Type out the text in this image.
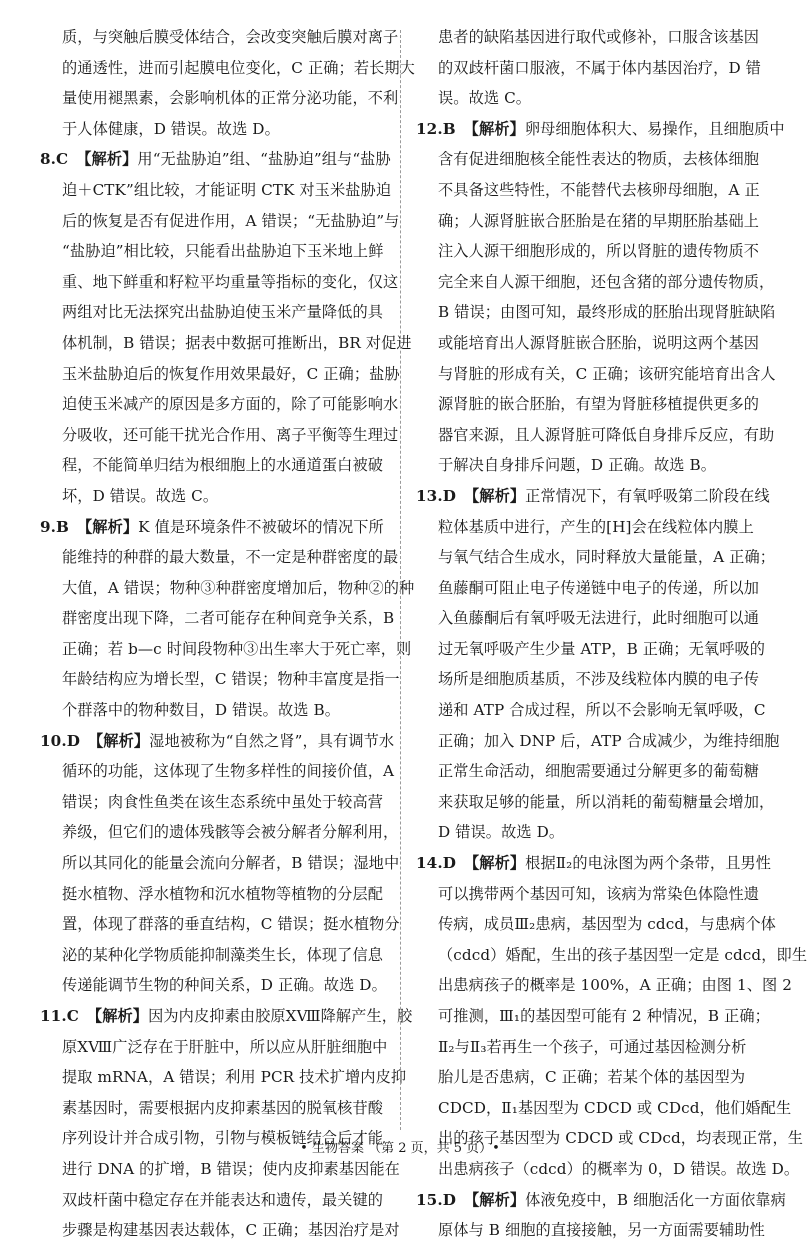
质，与突触后膜受体结合，会改变突触后膜对离子
的通透性，进而引起膜电位变化，C 正确；若长期大
量使用褪黑素，会影响机体的正常分泌功能，不利
于人体健康，D 错误。故选 D。
8.C 【解析】用“无盐胁迫”组、“盐胁迫”组与“盐胁
迫＋CTK”组比较，才能证明 CTK 对玉米盐胁迫
后的恢复是否有促进作用，A 错误；“无盐胁迫”与
“盐胁迫”相比较，只能看出盐胁迫下玉米地上鲜
重、地下鲜重和籽粒平均重量等指标的变化，仅这
两组对比无法探究出盐胁迫使玉米产量降低的具
体机制，B 错误；据表中数据可推断出，BR 对促进
玉米盐胁迫后的恢复作用效果最好，C 正确；盐胁
迫使玉米减产的原因是多方面的，除了可能影响水
分吸收，还可能干扰光合作用、离子平衡等生理过
程，不能简单归结为根细胞上的水通道蛋白被破
坏，D 错误。故选 C。
9.B 【解析】K 值是环境条件不被破坏的情况下所
能维持的种群的最大数量，不一定是种群密度的最
大值，A 错误；物种③种群密度增加后，物种②的种
群密度出现下降，二者可能存在种间竞争关系，B
正确；若 b—c 时间段物种③出生率大于死亡率，则
年龄结构应为增长型，C 错误；物种丰富度是指一
个群落中的物种数目，D 错误。故选 B。
10.D 【解析】湿地被称为“自然之肾”，具有调节水
循环的功能，这体现了生物多样性的间接价值，A
错误；肉食性鱼类在该生态系统中虽处于较高营
养级，但它们的遗体残骸等会被分解者分解利用，
所以其同化的能量会流向分解者，B 错误；湿地中
挺水植物、浮水植物和沉水植物等植物的分层配
置，体现了群落的垂直结构，C 错误；挺水植物分
泌的某种化学物质能抑制藻类生长，体现了信息
传递能调节生物的种间关系，D 正确。故选 D。
11.C 【解析】因为内皮抑素由胶原ⅩⅧ降解产生，胶
原ⅩⅧ广泛存在于肝脏中，所以应从肝脏细胞中
提取 mRNA，A 错误；利用 PCR 技术扩增内皮抑
素基因时，需要根据内皮抑素基因的脱氧核苷酸
序列设计并合成引物，引物与模板链结合后才能
进行 DNA 的扩增，B 错误；使内皮抑素基因能在
双歧杆菌中稳定存在并能表达和遗传，最关键的
步骤是构建基因表达载体，C 正确；基因治疗是对
患者的缺陷基因进行取代或修补，口服含该基因
的双歧杆菌口服液，不属于体内基因治疗，D 错
误。故选 C。
12.B 【解析】卵母细胞体积大、易操作，且细胞质中
含有促进细胞核全能性表达的物质，去核体细胞
不具备这些特性，不能替代去核卵母细胞，A 正
确；人源肾脏嵌合胚胎是在猪的早期胚胎基础上
注入人源干细胞形成的，所以肾脏的遗传物质不
完全来自人源干细胞，还包含猪的部分遗传物质，
B 错误；由图可知，最终形成的胚胎出现肾脏缺陷
或能培育出人源肾脏嵌合胚胎，说明这两个基因
与肾脏的形成有关，C 正确；该研究能培育出含人
源肾脏的嵌合胚胎，有望为肾脏移植提供更多的
器官来源，且人源肾脏可降低自身排斥反应，有助
于解决自身排斥问题，D 正确。故选 B。
13.D 【解析】正常情况下，有氧呼吸第二阶段在线
粒体基质中进行，产生的[H]会在线粒体内膜上
与氧气结合生成水，同时释放大量能量，A 正确；
鱼藤酮可阻止电子传递链中电子的传递，所以加
入鱼藤酮后有氧呼吸无法进行，此时细胞可以通
过无氧呼吸产生少量 ATP，B 正确；无氧呼吸的
场所是细胞质基质，不涉及线粒体内膜的电子传
递和 ATP 合成过程，所以不会影响无氧呼吸，C
正确；加入 DNP 后，ATP 合成减少，为维持细胞
正常生命活动，细胞需要通过分解更多的葡萄糖
来获取足够的能量，所以消耗的葡萄糖量会增加，
D 错误。故选 D。
14.D 【解析】根据Ⅱ₂的电泳图为两个条带，且男性
可以携带两个基因可知，该病为常染色体隐性遗
传病，成员Ⅲ₂患病，基因型为 cdcd，与患病个体
（cdcd）婚配，生出的孩子基因型一定是 cdcd，即生
出患病孩子的概率是 100%，A 正确；由图 1、图 2
可推测，Ⅲ₁的基因型可能有 2 种情况，B 正确；
Ⅱ₂与Ⅱ₃若再生一个孩子，可通过基因检测分析
胎儿是否患病，C 正确；若某个体的基因型为
CDCD，Ⅱ₁基因型为 CDCD 或 CDcd，他们婚配生
出的孩子基因型为 CDCD 或 CDcd，均表现正常，生
出患病孩子（cdcd）的概率为 0，D 错误。故选 D。
15.D 【解析】体液免疫中，B 细胞活化一方面依靠病
原体与 B 细胞的直接接触，另一方面需要辅助性
• 生物答案 （第 2 页，共 5 页）•
